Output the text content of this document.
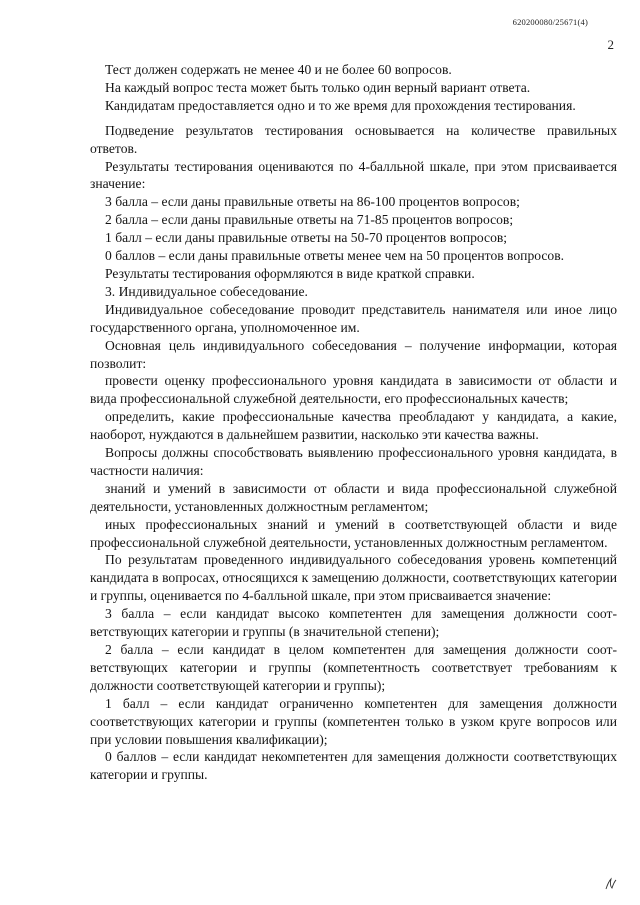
620200080/25671(4)
2

Тест должен содержать не менее 40 и не более 60 вопросов.

На каждый вопрос теста может быть только один верный вариант ответа.

Кандидатам предоставляется одно и то же время для прохождения тестирования.

Подведение результатов тестирования основывается на количестве правильных ответов.

Результаты тестирования оцениваются по 4-балльной шкале, при этом присваивается значение:

3 балла – если даны правильные ответы на 86-100 процентов вопросов;

2 балла – если даны правильные ответы на 71-85 процентов вопросов;

1 балл – если даны правильные ответы на 50-70 процентов вопросов;

0 баллов – если даны правильные ответы менее чем на 50 процентов вопросов.

Результаты тестирования оформляются в виде краткой справки.

3. Индивидуальное собеседование.

Индивидуальное собеседование проводит представитель нанимателя или иное лицо государственного органа, уполномоченное им.

Основная цель индивидуального собеседования – получение информации, которая позволит:

провести оценку профессионального уровня кандидата в зависимости от области и вида профессиональной служебной деятельности, его профессиональных качеств;

определить, какие профессиональные качества преобладают у кандидата, а какие, наоборот, нуждаются в дальнейшем развитии, насколько эти качества важны.

Вопросы должны способствовать выявлению профессионального уровня кандидата, в частности наличия:

знаний и умений в зависимости от области и вида профессиональной служебной деятельности, установленных должностным регламентом;

иных профессиональных знаний и умений в соответствующей области и виде профессиональной служебной деятельности, установленных должностным регламентом.

По результатам проведенного индивидуального собеседования уровень компетенций кандидата в вопросах, относящихся к замещению должности, соответствующих категории и группы, оценивается по 4-балльной шкале, при этом присваивается значение:

3 балла – если кандидат высоко компетентен для замещения должности соответствующих категории и группы (в значительной степени);

2 балла – если кандидат в целом компетентен для замещения должности соответствующих категории и группы (компетентность соответствует требованиям к должности соответствующей категории и группы);

1 балл – если кандидат ограниченно компетентен для замещения должности соответствующих категории и группы (компетентен только в узком круге вопросов или при условии повышения квалификации);

0 баллов – если кандидат некомпетентен для замещения должности соответствующих категории и группы.
